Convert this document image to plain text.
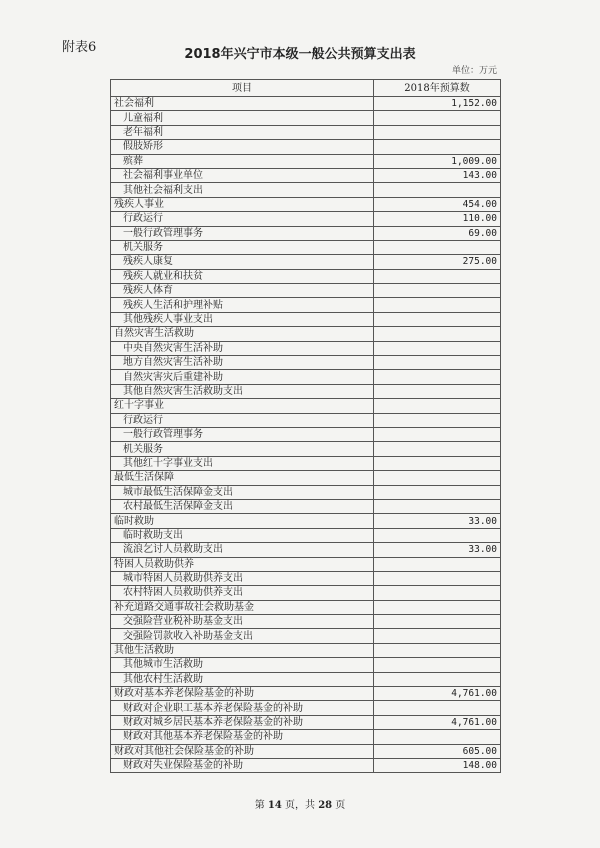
附表6	2018年兴宁市本级一般公共预算支出表
单位：万元
项目	2018年预算数
社会福利	1,152.00
儿童福利	
老年福利	
假肢矫形	
殡葬	1,009.00
社会福利事业单位	143.00
其他社会福利支出	
残疾人事业	454.00
行政运行	110.00
一般行政管理事务	69.00
机关服务	
残疾人康复	275.00
残疾人就业和扶贫	
残疾人体育	
残疾人生活和护理补贴	
其他残疾人事业支出	
自然灾害生活救助	
中央自然灾害生活补助	
地方自然灾害生活补助	
自然灾害灾后重建补助	
其他自然灾害生活救助支出	
红十字事业	
行政运行	
一般行政管理事务	
机关服务	
其他红十字事业支出	
最低生活保障	
城市最低生活保障金支出	
农村最低生活保障金支出	
临时救助	33.00
临时救助支出	
流浪乞讨人员救助支出	33.00
特困人员救助供养	
城市特困人员救助供养支出	
农村特困人员救助供养支出	
补充道路交通事故社会救助基金	
交强险营业税补助基金支出	
交强险罚款收入补助基金支出	
其他生活救助	
其他城市生活救助	
其他农村生活救助	
财政对基本养老保险基金的补助	4,761.00
财政对企业职工基本养老保险基金的补助	
财政对城乡居民基本养老保险基金的补助	4,761.00
财政对其他基本养老保险基金的补助	
财政对其他社会保险基金的补助	605.00
财政对失业保险基金的补助	148.00
第 14 页，共 28 页
